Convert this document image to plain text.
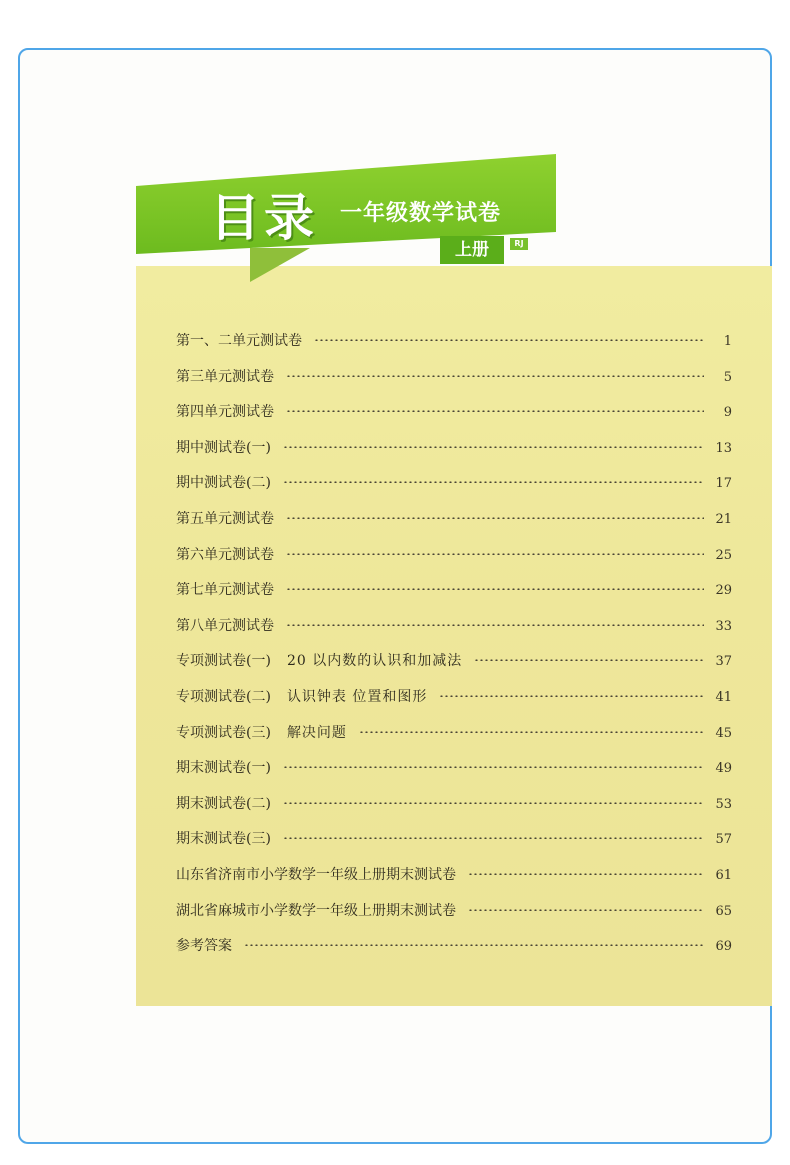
目录 一年级数学试卷
上册	RJ
第一、二单元测试卷	1
第三单元测试卷	5
第四单元测试卷	9
期中测试卷(一)	13
期中测试卷(二)	17
第五单元测试卷	21
第六单元测试卷	25
第七单元测试卷	29
第八单元测试卷	33
专项测试卷(一) 20 以内数的认识和加减法	37
专项测试卷(二) 认识钟表 位置和图形	41
专项测试卷(三) 解决问题	45
期末测试卷(一)	49
期末测试卷(二)	53
期末测试卷(三)	57
山东省济南市小学数学一年级上册期末测试卷	61
湖北省麻城市小学数学一年级上册期末测试卷	65
参考答案	69
